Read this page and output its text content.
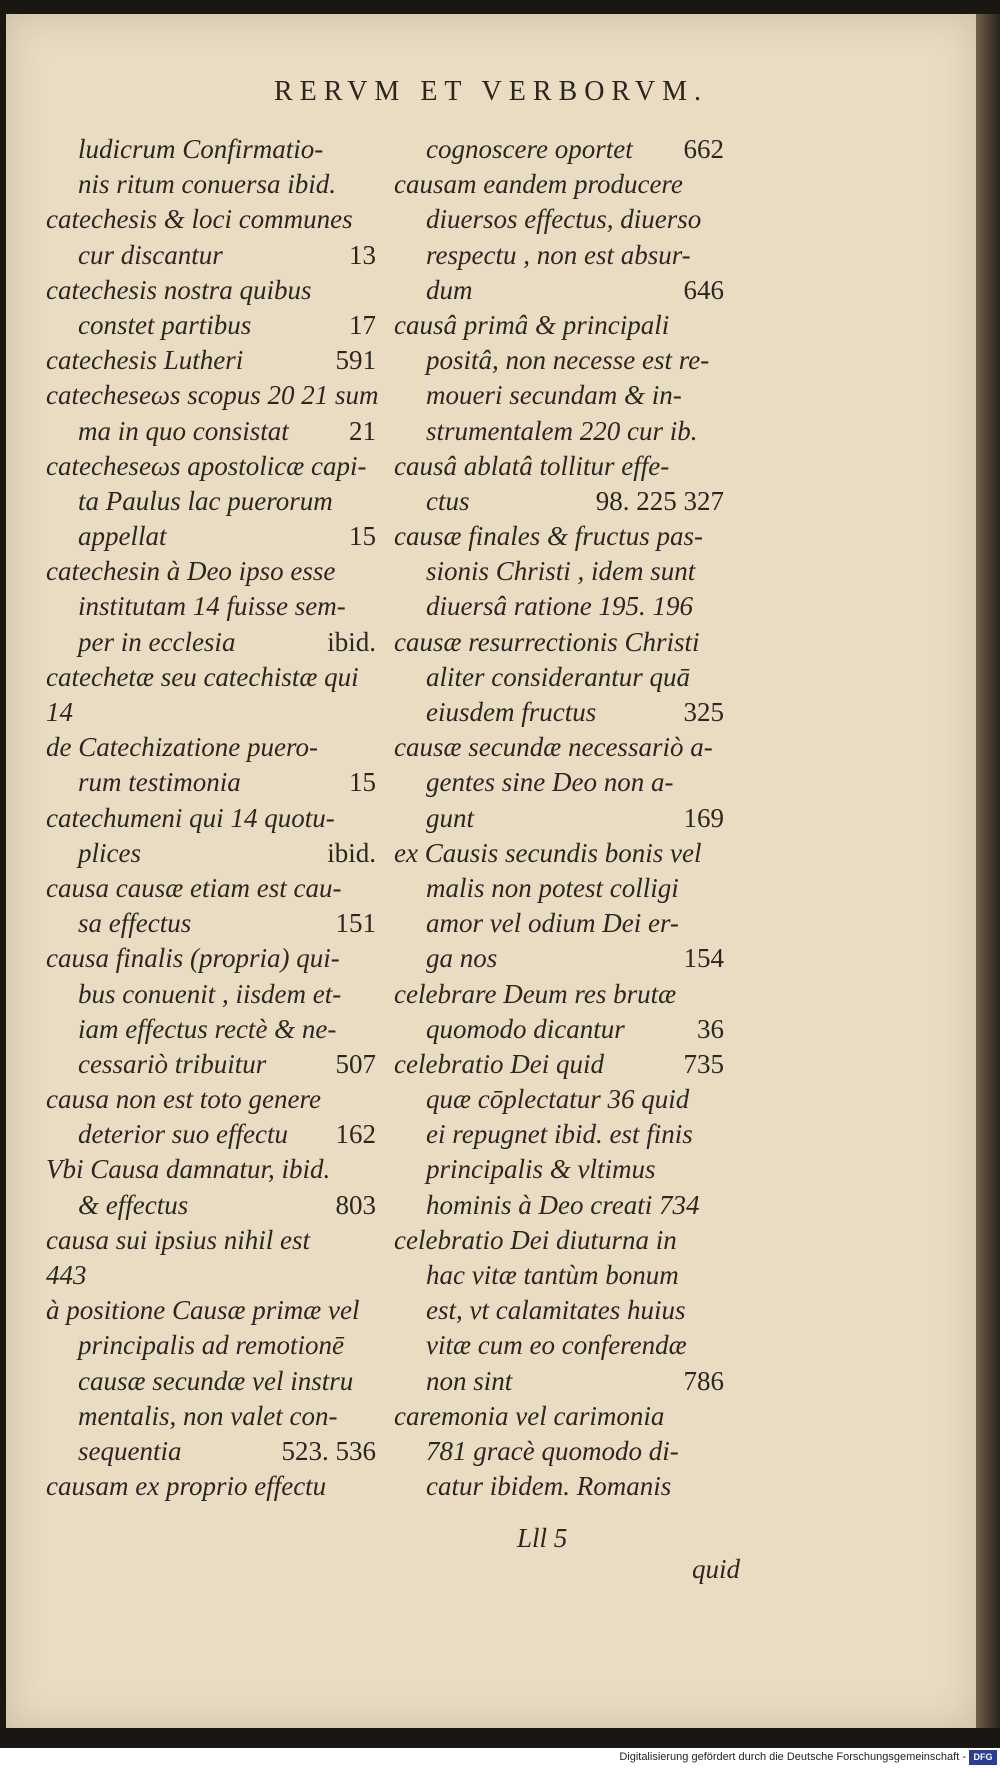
RERVM ET VERBORVM.
ludicrum Confirmatio-
nis ritum conuersa ibid.
catechesis & loci communes
cur discantur	13
catechesis nostra quibus
constet partibus	17
catechesis Lutheri	591
catecheseωs scopus 20 21 sum
ma in quo consistat 21
catecheseωs apostolicæ capi-
ta Paulus lac puerorum
appellat	15
catechesin à Deo ipso esse
institutam 14 fuisse sem-
per in ecclesia	ibid.
catechetæ seu catechistæ qui
14
de Catechizatione puero-
rum testimonia	15
catechumeni qui 14 quotu-
plices	ibid.
causa causæ etiam est cau-
sa effectus	151
causa finalis (propria) qui-
bus conuenit , iisdem et-
iam effectus rectè & ne-
cessariò tribuitur	507
causa non est toto genere
deterior suo effectu 162
Vbi Causa damnatur, ibid.
& effectus	803
causa sui ipsius nihil est
443
à positione Causæ primæ vel
principalis ad remotionē
causæ secundæ vel instru
mentalis, non valet con-
sequentia	523. 536
causam ex proprio effectu
cognoscere oportet 662
causam eandem producere
diuersos effectus, diuerso
respectu , non est absur-
dum	646
causâ primâ & principali
positâ, non necesse est re-
moueri secundam & in-
strumentalem 220 cur ib.
causâ ablatâ tollitur effe-
ctus	98. 225 327
causæ finales & fructus pas-
sionis Christi , idem sunt
diuersâ ratione 195. 196
causæ resurrectionis Christi
aliter considerantur quā
eiusdem fructus	325
causæ secundæ necessariò a-
gentes sine Deo non a-
gunt	169
ex Causis secundis bonis vel
malis non potest colligi
amor vel odium Dei er-
ga nos	154
celebrare Deum res brutæ
quomodo dicantur	36
celebratio Dei quid	735
quæ cōplectatur 36 quid
ei repugnet ibid. est finis
principalis & vltimus
hominis à Deo creati 734
celebratio Dei diuturna in
hac vitæ tantùm bonum
est, vt calamitates huius
vitæ cum eo conferendæ
non sint	786
caremonia vel carimonia
781 gracè quomodo di-
catur ibidem. Romanis

Lll 5

quid

Digitalisierung gefördert durch die Deutsche Forschungsgemeinschaft - DFG
